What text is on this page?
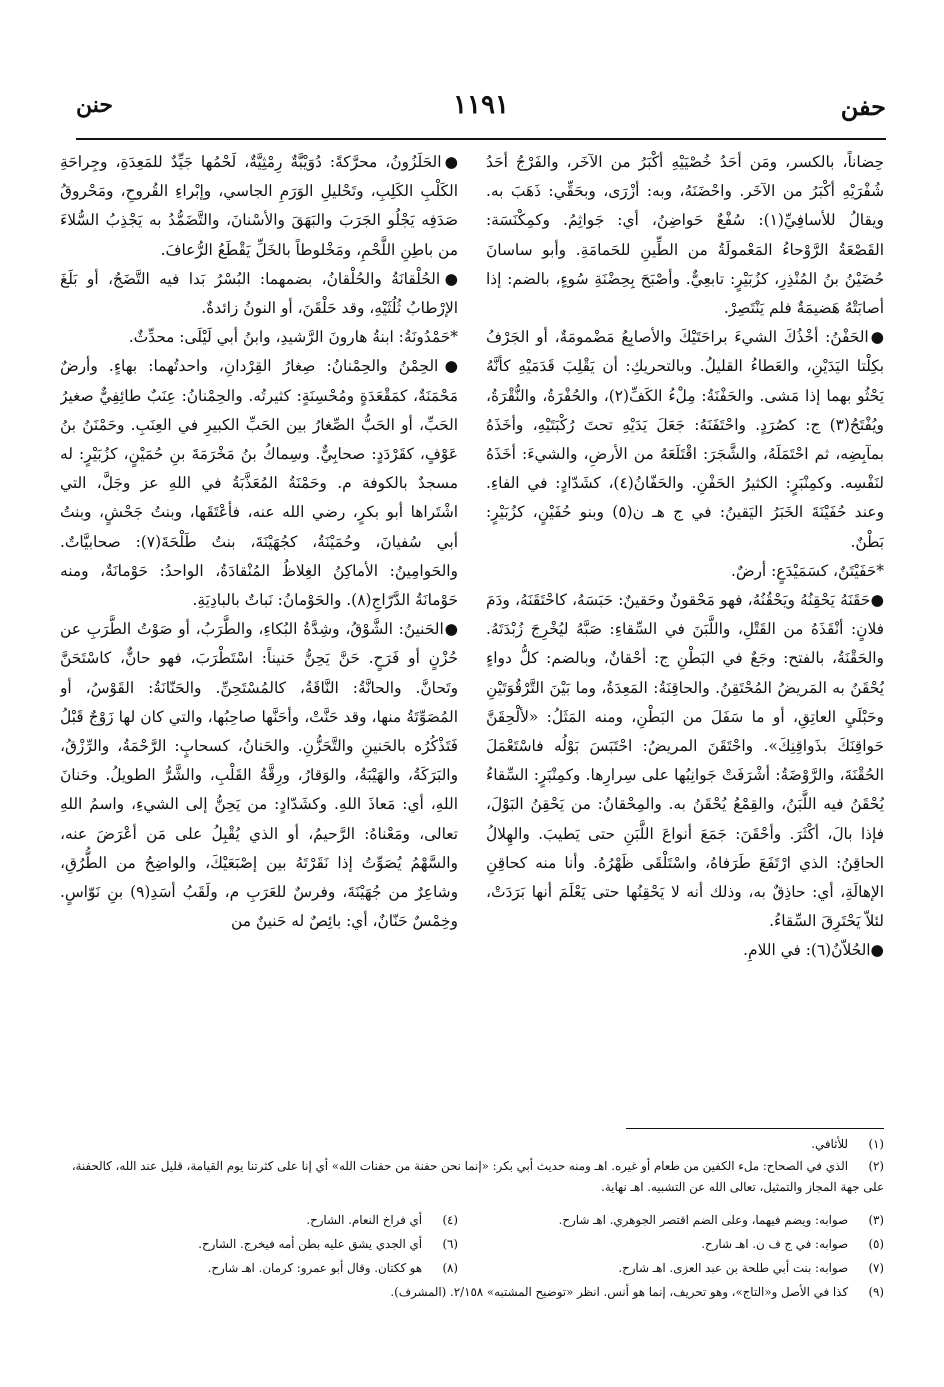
حفن
١١٩١
حنن

حِضاناً، بالكسر، ومَن أحَدُ خُصْيَيْهِ أكْبَرُ من الآخَر، والفَرْجُ أحَدُ شُفْرَيْهِ أكْبَرُ من الآخَر. واحْضَنَهُ، وبه: أزْرَى، وبحَقِّي: ذَهَبَ به. ويقالُ للأسافِيِّ(١): سُفْعٌ حَواضِنُ، أي: جَواثِمُ. وكمِكْنَسَة: القَصْعَةُ الرَّوْحاءُ المَعْمولَةُ من الطِّينِ للحَمامَةِ. وأبو ساسانَ حُضَيْنُ بنُ المُنْذِرِ، كزُبَيْرٍ: تابعِيٌّ. وأصْبَحَ بِحِضْنَةِ سُوءٍ، بالضم: إذا أصابَتْهُ هَضيمَةٌ فلم يَنْتَصِرْ.

●الحَفْنُ: أخْذُكَ الشيءَ براحَتَيْكَ والأصابِعُ مَضْمومَةٌ، أو الجَرْفُ بكِلْتا اليَدَيْنِ، والعَطاءُ القليلُ. وبالتحريكِ: أن يَقْلِبَ قَدَمَيْهِ كأنَّهُ يَحْثُو بهما إذا مَشى. والحَفْنَةُ: مِلْءُ الكَفِّ(٢)، والحُفْرَةُ، والنُّقْرَةُ، ويُفْتَحُ(٣) ج: كصُرَدٍ. واحْتَفَنَهُ: جَعَلَ يَدَيْهِ تحتَ رُكْبَتَيْهِ، وأخَذَهُ بمآبِضِه، ثم احْتَمَلَهُ، والشَّجَرَ: اقْتَلَعَهُ من الأرضِ، والشيءَ: أخَذَهُ لنَفْسِه. وكمِنْبَرٍ: الكثيرُ الحَفْنِ. والحَفّانُ(٤)، كشَدّادٍ: في الفاءِ. وعند حُفَيْنَةَ الخَبَرُ اليَقينُ: في ج هـ ن(٥) وبنو حُفَيْنٍ، كزُبَيْرٍ: بَطْنٌ.

*حَفَيْتَنٌ، كسَمَيْدَعٍ: أرضٌ.

●حَقَنَهُ يَحْقِنُهُ ويَحْقُنُهُ، فهو مَحْقونٌ وحَقينٌ: حَبَسَهُ، كاحْتَقَنَهُ، ودَمَ فلانٍ: أنْقَذَهُ من القَتْلِ، واللَّبَنَ في السِّقاءِ: صَبَّهُ ليُخْرِجَ زُبْدَتَهُ. والحَقْنَةُ، بالفتح: وجَعٌ في البَطْنِ ج: أحْقانٌ، وبالضم: كلُّ دواءٍ يُحْقَنُ به المَريضُ المُحْتَقِنُ. والحاقِنَةُ: المَعِدَةُ، وما بَيْنَ التَّرْقُوَتَيْنِ وحَبْلَيِ العاتِقِ، أو ما سَفَلَ من البَطْنِ، ومنه المَثَلُ: «لألْحِقَنَّ حَواقِنَكَ بذَواقِنِكَ». واحْتَقَنَ المريضُ: احْتَبَسَ بَوْلُه فاسْتَعْمَلَ الحُقْنَةَ، والرَّوْضَةُ: أشْرَفَتْ جَوانِبُها على سِرارِها. وكمِنْبَرٍ: السِّقاءُ يُحْقَنُ فيه اللَّبَنُ، والقِمْعُ يُحْقَنُ به. والمِحْقانُ: من يَحْقِنُ البَوْلَ، فإذا بالَ، أكْثَرَ. وأحْقَنَ: جَمَعَ أنواعَ اللَّبَنِ حتى يَطيبَ. والهِلالُ الحاقِنُ: الذي ارْتَفَعَ طَرَفاهُ، واسْتَلْقَى ظَهْرُهُ. وأنا منه كحاقِنِ الإهالَةِ، أي: حاذِقٌ به، وذلك أنه لا يَحْقِنُها حتى يَعْلَمَ أنها بَرَدَتْ، لئلاّ يَحْتَرِقَ السِّقاءُ.

●الحُلاّنُ(٦): في اللامِ.

●الحَلَزُونُ، محرَّكةً: دُوَيْبَّةٌ رِمْثِيَّةٌ، لَحْمُها جَيِّدٌ للمَعِدَةِ، وجِراحَةِ الكَلْبِ الكَلِبِ، وتَحْليلِ الوَرَمِ الجاسي، وإبْراءِ القُروحِ، ومَحْروقُ صَدَفِه يَجْلُو الجَرَبَ والبَهَقَ والأسْنانَ، والتَّضَمُّدُ به يَجْذِبُ السُّلاءَ من باطِنِ اللَّحْمِ، ومَخْلوطاً بالخَلِّ يَقْطَعُ الرُّعافَ.

●الحُلْقانَةُ والحُلْقانُ، بضمهما: البُسْرُ بَدا فيه التَّضَجُ، أو بَلَغَ الإرْطابُ ثُلُثَيْهِ، وقد حَلْقَنَ، أو النونُ زائدةٌ.

*حَمْدُونَةُ: ابنةُ هارونَ الرَّشيدِ، وابنُ أبي لَيْلَى: محدِّثٌ.

●الحِمْنُ والحِمْنانُ: صِغارُ القِرْدانِ، واحدتُهما: بهاءٍ. وأرضٌ مَحْمَنَةٌ، كمَقْعَدَةٍ ومُحْسِنَةٍ: كثيرتُه. والحِمْنانُ: عِنَبٌ طائِفِيٌّ صغيرُ الحَبِّ، أو الحَبُّ الصِّغارُ بين الحَبِّ الكبيرِ في العِنَبِ. وحَمْنَنُ بنُ عَوْفٍ، كقَرْدَدٍ: صحابِيٌّ. وسِماكُ بنُ مَخْرَمَةَ بنِ حُمَيْنٍ، كزُبَيْرٍ: له مسجدٌ بالكوفة م. وحَمْنَةُ المُعَذَّبَةُ في اللهِ عز وجَلَّ، التي اشْتَراها أبو بكرٍ، رضي الله عنه، فأعْتَقَها، وبنتُ جَحْشٍ، وبنتُ أبي سُفيانَ، وحُمَيْنَةُ، كجُهَيْنَةَ، بنتُ طَلْحَةَ(٧): صحابيَّاتٌ. والحَوامِينُ: الأماكِنُ الغِلاظُ المُنْقادَةُ، الواحدُ: حَوْمانَةٌ، ومنه حَوْمانَةُ الدَّرّاجِ(٨). والحَوْمانُ: نَباتٌ بالبادِيَةِ.

●الحَنينُ: الشَّوْقُ، وشِدَّةُ البُكاءِ، والطَّرَبُ، أو صَوْتُ الطَّرَبِ عن حُزْنٍ أو فَرَحٍ. حَنَّ يَحِنُّ حَنيناً: اسْتَطْرَبَ، فهو حانٌّ، كاسْتَحَنَّ وتَحانَّ. والحانَّةُ: النَّاقَةُ، كالمُسْتَحِنِّ. والحَنّانَةُ: القَوْسُ، أو المُصَوِّتَةُ منها، وقد حَنَّتْ، وأحَنَّها صاحِبُها، والتي كان لها زَوْجٌ قَبْلُ فَتَذْكُرُه بالحَنينِ والتَّحَزُّنِ. والحَنانُ، كسحابٍ: الرَّحْمَةُ، والرِّزْقُ، والبَرَكَةُ، والهَيْبَةُ، والوَقارُ، ورِقَّةُ القَلْبِ، والشَّرُّ الطويلُ. وحَنانَ اللهِ، أي: مَعاذَ اللهِ. وكشَدّادٍ: من يَحِنُّ إلى الشيءِ، واسمُ اللهِ تعالى، ومَعْناهُ: الرَّحيمُ، أو الذي يُقْبِلُ على مَن أعْرَضَ عنه، والسَّهْمُ يُصَوِّتُ إذا نَقَرْتَهُ بين إصْبَعَيْكَ، والواضِحُ من الطُّرُقِ، وشاعِرٌ من جُهَيْنَةَ، وفرسٌ للعَرَبِ م، ولَقَبُ أسَدِ(٩) بنِ نَوّاسٍ. وخِمْسٌ حَنّانٌ، أي: بائِصٌ له حَنينٌ من

(١)للأثافي.
(٢)الذي في الصحاح: ملء الكفين من طعام أو غيره. اهـ ومنه حديث أبي بكر: «إنما نحن حفنة من حفنات الله» أي إنا على كثرتنا يوم القيامة، قليل عند الله، كالحفنة، على جهة المجاز والتمثيل، تعالى الله عن التشبيه. اهـ نهاية.
(٣)صوابه: ويضم فيهما، وعلى الضم اقتصر الجوهري. اهـ شارح.
(٤)أي فراخ النعام. الشارح.
(٥)صوابه: في ج ف ن. اهـ شارح.
(٦)أي الجدي يشق عليه بطن أمه فيخرج. الشارح.
(٧)صوابه: بنت أبي طلحة بن عبد العزى. اهـ شارح.
(٨)هو ككتان. وقال أبو عمرو: كرمان. اهـ شارح.
(٩)كذا في الأصل و«التاج»، وهو تحريف، إنما هو أنس. انظر «توضيح المشتبه» ٢/١٥٨. (المشرف).
